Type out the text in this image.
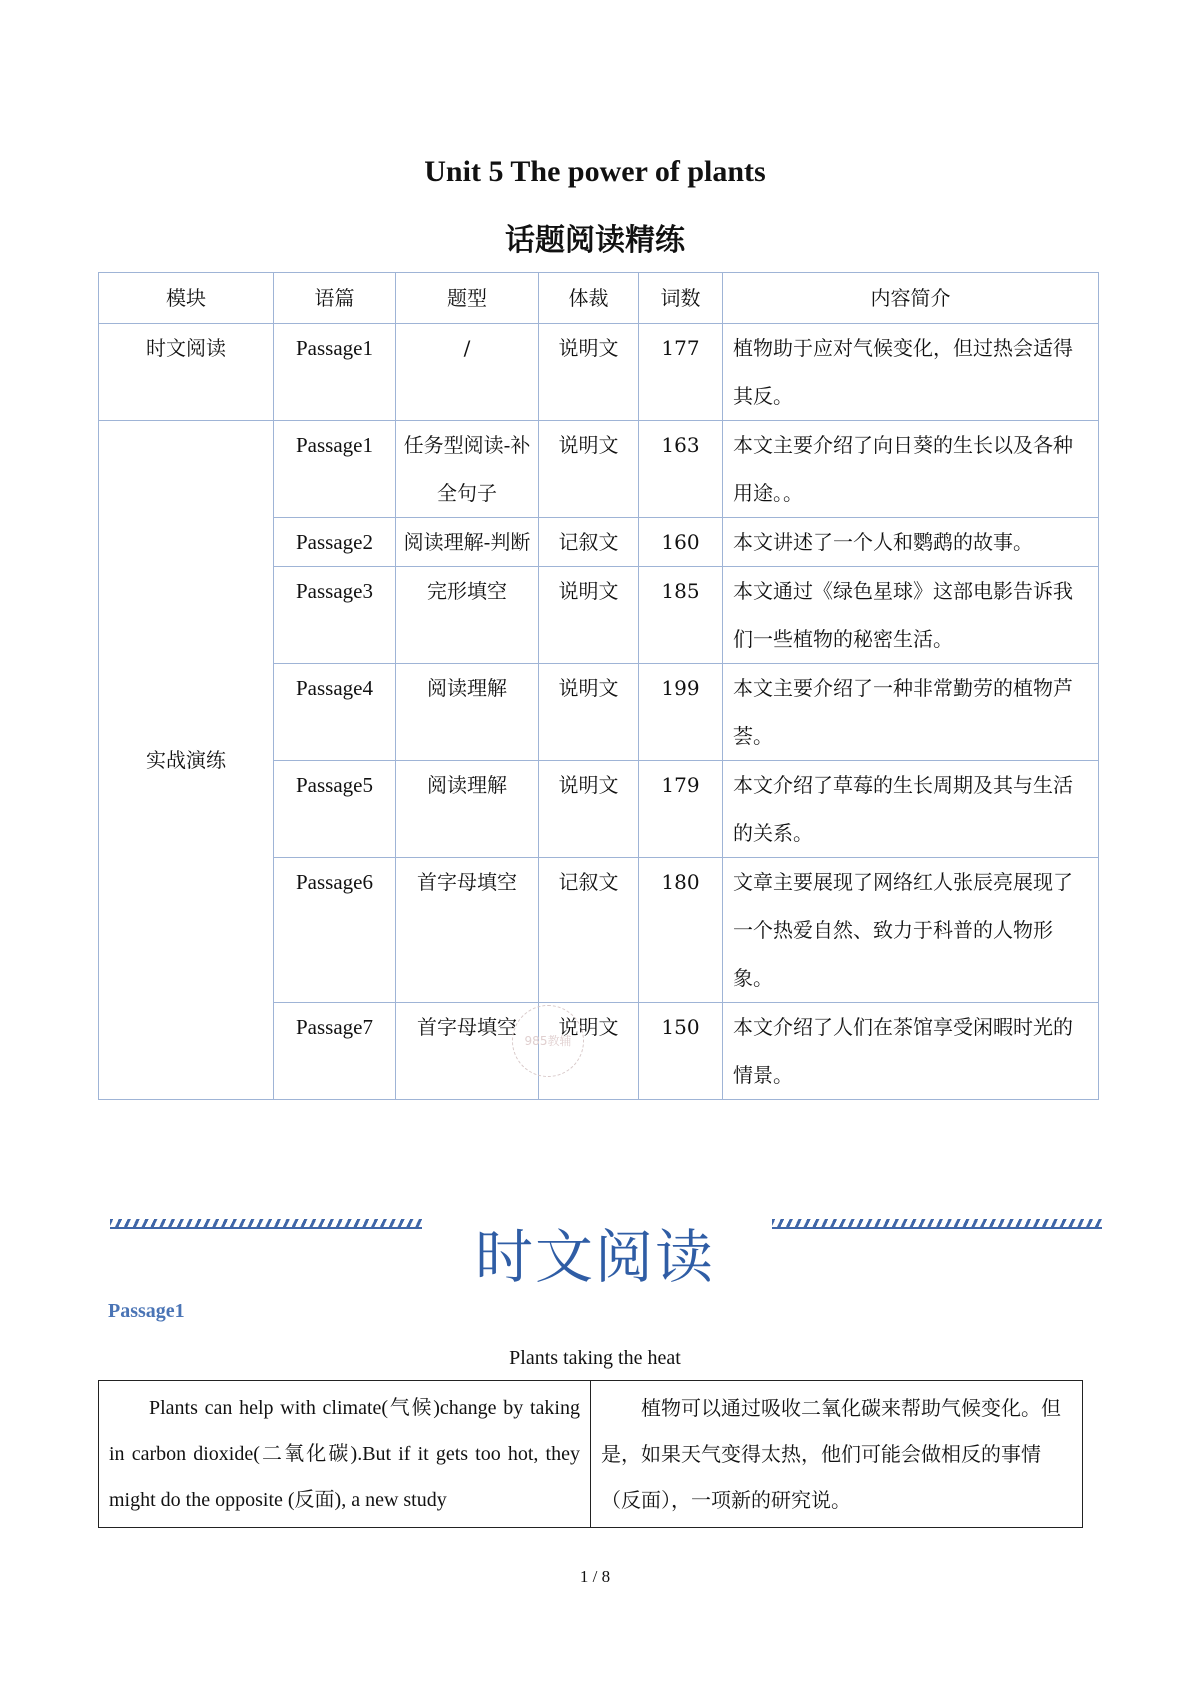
Unit 5 The power of plants
话题阅读精练
模块	语篇	题型	体裁	词数	内容简介
时文阅读	Passage1	/	说明文	177	植物助于应对气候变化，但过热会适得其反。
实战演练	Passage1	任务型阅读-补全句子	说明文	163	本文主要介绍了向日葵的生长以及各种用途。。
	Passage2	阅读理解-判断	记叙文	160	本文讲述了一个人和鹦鹉的故事。
	Passage3	完形填空	说明文	185	本文通过《绿色星球》这部电影告诉我们一些植物的秘密生活。
	Passage4	阅读理解	说明文	199	本文主要介绍了一种非常勤劳的植物芦荟。
	Passage5	阅读理解	说明文	179	本文介绍了草莓的生长周期及其与生活的关系。
	Passage6	首字母填空	记叙文	180	文章主要展现了网络红人张辰亮展现了一个热爱自然、致力于科普的人物形象。
	Passage7	首字母填空	说明文	150	本文介绍了人们在茶馆享受闲暇时光的情景。
985教辅
时文阅读
Passage1
Plants taking the heat
Plants can help with climate(气候)change by taking in carbon dioxide(二氧化碳).But if it gets too hot, they might do the opposite (反面), a new study	植物可以通过吸收二氧化碳来帮助气候变化。但是，如果天气变得太热，他们可能会做相反的事情（反面），一项新的研究说。
1 / 8
